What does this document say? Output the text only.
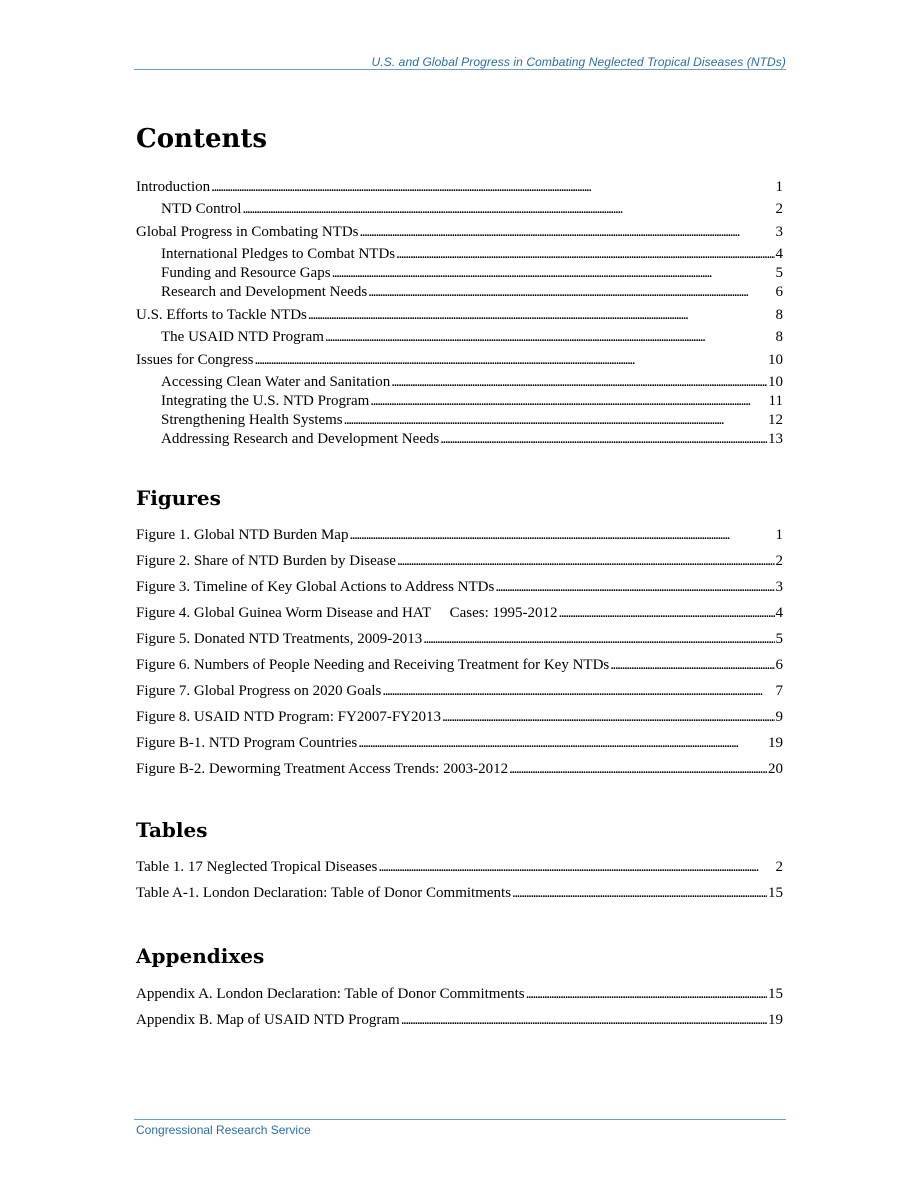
U.S. and Global Progress in Combating Neglected Tropical Diseases (NTDs)
Contents
Introduction . . .	1
NTD Control . . .	2
Global Progress in Combating NTDs . . .	3
International Pledges to Combat NTDs . . .	4
Funding and Resource Gaps . . .	5
Research and Development Needs . . .	6
U.S. Efforts to Tackle NTDs . . .	8
The USAID NTD Program . . .	8
Issues for Congress . . .	10
Accessing Clean Water and Sanitation . . .	10
Integrating the U.S. NTD Program . . .	11
Strengthening Health Systems . . .	12
Addressing Research and Development Needs . . .	13
Figures
Figure 1. Global NTD Burden Map . . .	1
Figure 2. Share of NTD Burden by Disease . . .	2
Figure 3. Timeline of Key Global Actions to Address NTDs . . .	3
Figure 4. Global Guinea Worm Disease and HAT     Cases: 1995-2012 . . .	4
Figure 5. Donated NTD Treatments, 2009-2013 . . .	5
Figure 6. Numbers of People Needing and Receiving Treatment for Key NTDs . . .	6
Figure 7. Global Progress on 2020 Goals . . .	7
Figure 8. USAID NTD Program: FY2007-FY2013 . . .	9
Figure B-1. NTD Program Countries . . .	19
Figure B-2. Deworming Treatment Access Trends: 2003-2012 . . .	20
Tables
Table 1. 17 Neglected Tropical Diseases . . .	2
Table A-1. London Declaration: Table of Donor Commitments . . .	15
Appendixes
Appendix A. London Declaration: Table of Donor Commitments . . .	15
Appendix B. Map of USAID NTD Program . . .	19
Congressional Research Service
